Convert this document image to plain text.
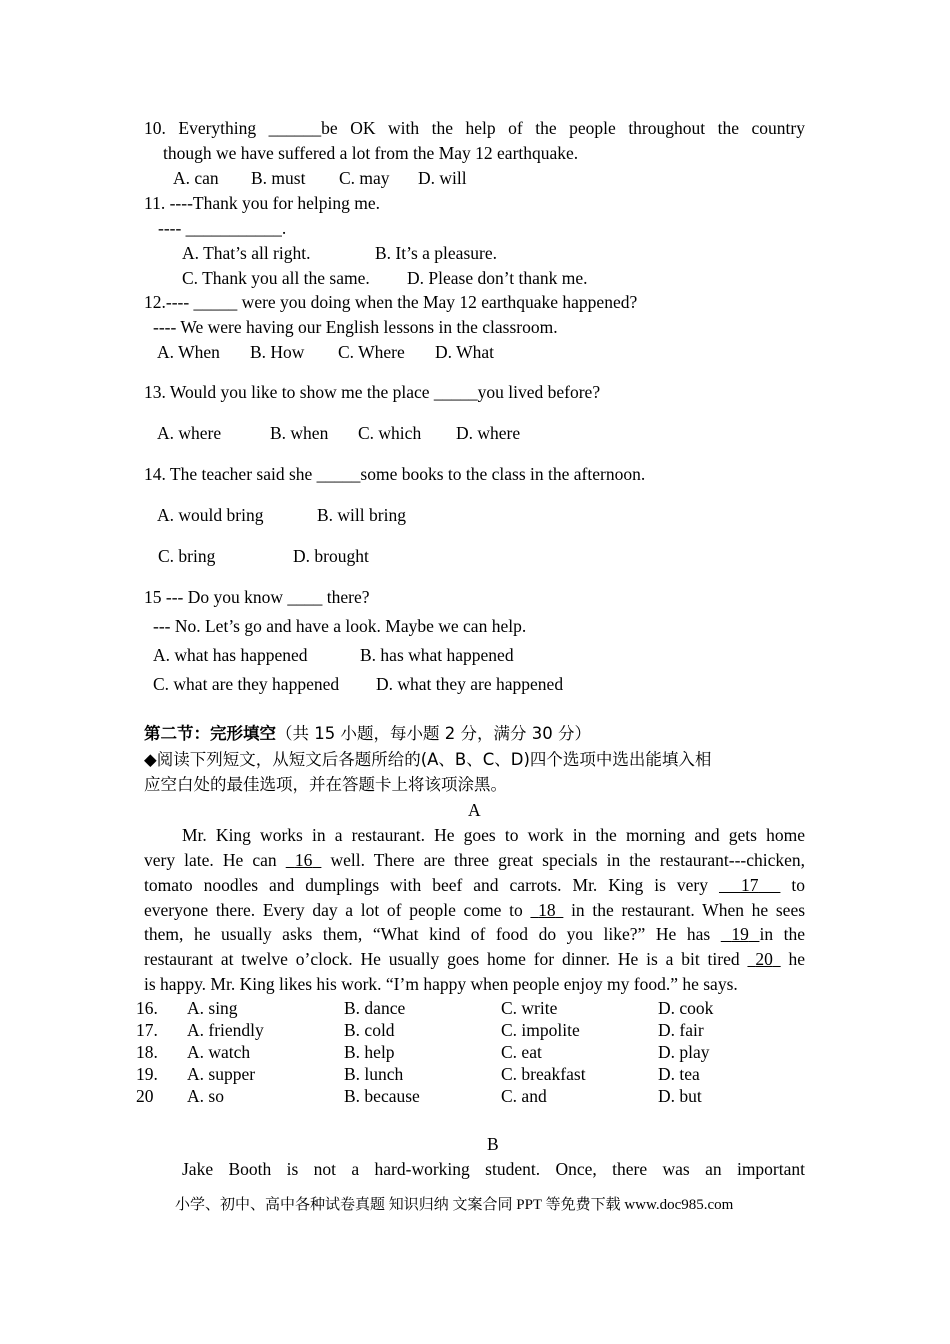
10. Everything ______be OK with the help of the people throughout the country
though we have suffered a lot from the May 12 earthquake.
A. can B. must C. may D. will
11. ----Thank you for helping me.
---- ___________.
A. That’s all right.	B. It’s a pleasure.
C. Thank you all the same. D. Please don’t thank me.
12.---- _____ were you doing when the May 12 earthquake happened?
---- We were having our English lessons in the classroom.
A. When B. How C. Where D. What
13. Would you like to show me the place _____you lived before?
A. where	B. when C. which D. where
14. The teacher said she _____some books to the class in the afternoon.
A. would bring	B. will bring
C. bring	D. brought
15 --- Do you know ____ there?
--- No. Let’s go and have a look. Maybe we can help.
A. what has happened	B. has what happened
C. what are they happened D. what they are happened
第二节：完形填空（共 15 小题，每小题 2 分，满分 30 分）
◆阅读下列短文，从短文后各题所给的(A、B、C、D)四个选项中选出能填入相
应空白处的最佳选项，并在答题卡上将该项涂黑。
A
Mr. King works in a restaurant. He goes to work in the morning and gets home
very late. He can 16 well. There are three great specials in the restaurant---chicken,
tomato noodles and dumplings with beef and carrots. Mr. King is very 17 to
everyone there. Every day a lot of people come to 18 in the restaurant. When he sees
them, he usually asks them, “What kind of food do you like?” He has 19 in the
restaurant at twelve o’clock. He usually goes home for dinner. He is a bit tired 20 he
is happy. Mr. King likes his work. “I’m happy when people enjoy my food.” he says.
16. A. sing	B. dance	C. write	D. cook
17. A. friendly	B. cold	C. impolite	D. fair
18. A. watch	B. help	C. eat	D. play
19. A. supper	B. lunch	C. breakfast	D. tea
20 A. so	B. because	C. and	D. but
B
Jake Booth is not a hard-working student. Once, there was an important
小学、初中、高中各种试卷真题 知识归纳 文案合同 PPT 等免费下载 www.doc985.com
